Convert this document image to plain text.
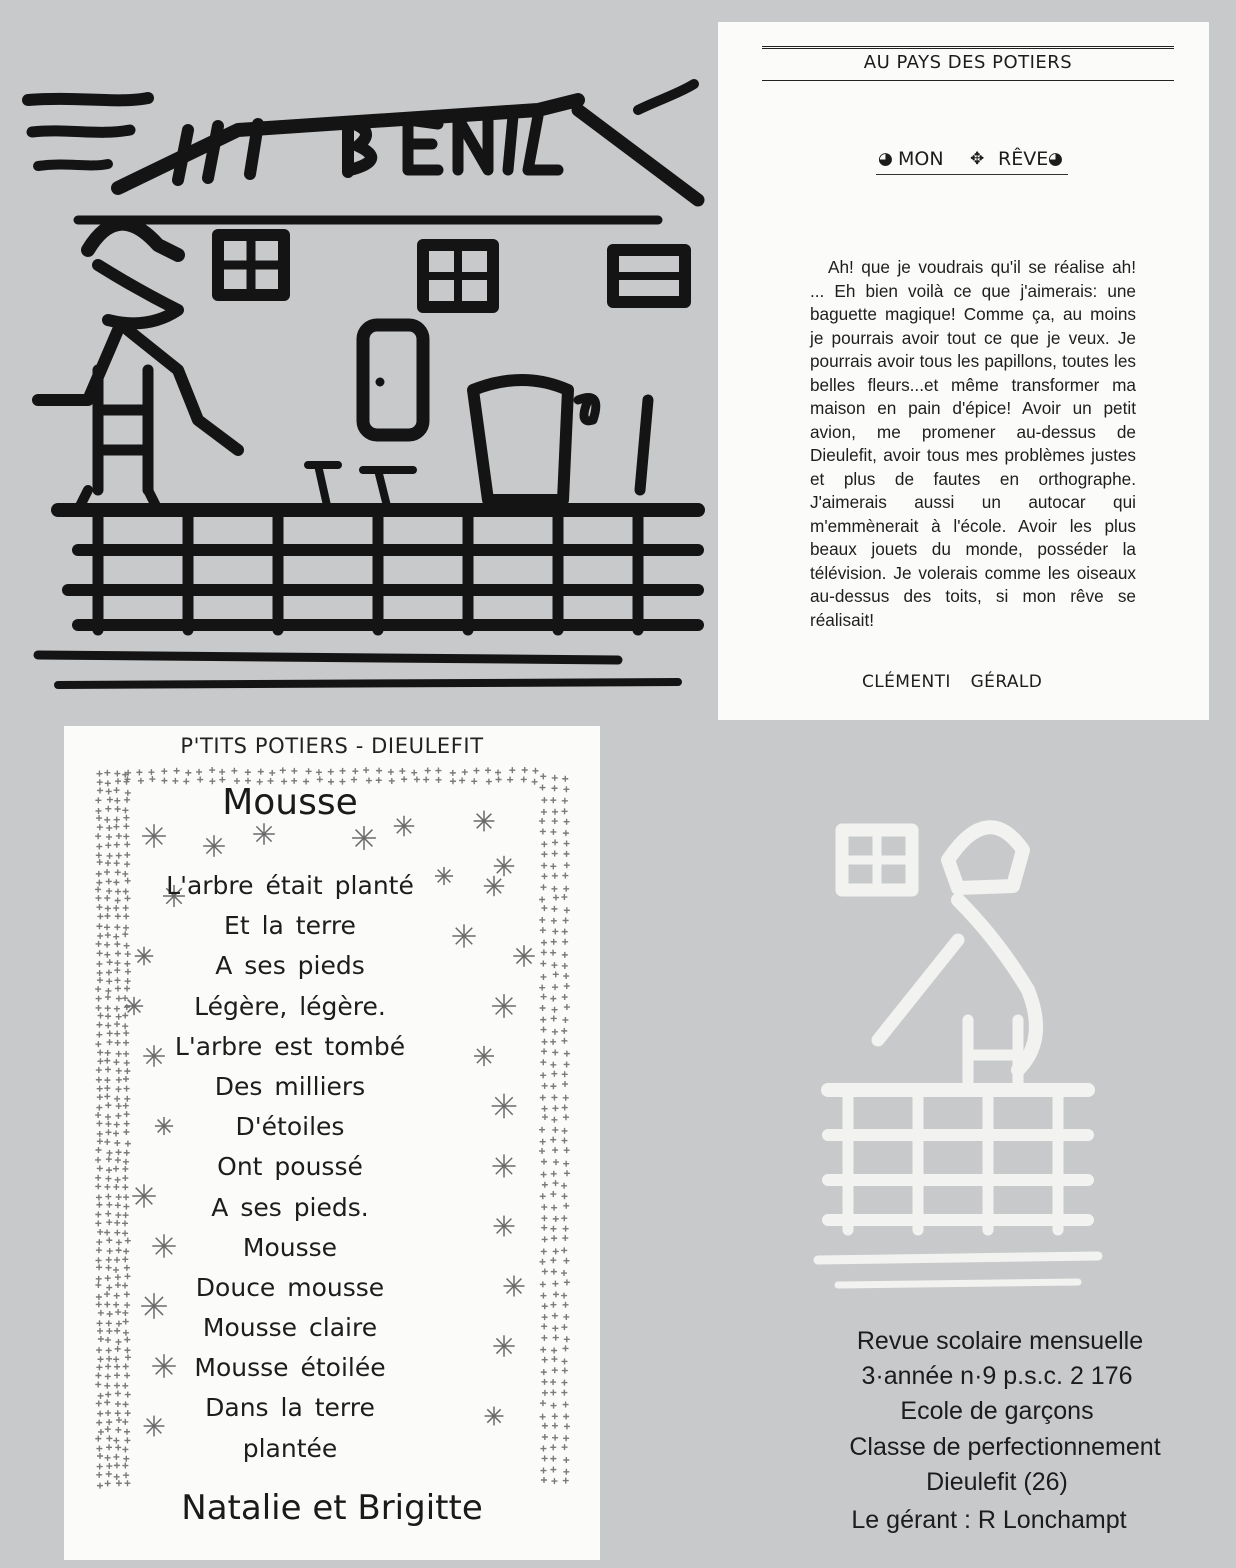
AU PAYS DES POTIERS
◕ MON ✥ RÊVE ◕

Ah! que je voudrais qu'il se réalise ah! ... Eh bien voilà ce que j'aimerais: une baguette magique! Comme ça, au moins je pourrais avoir tout ce que je veux. Je pourrais avoir tous les papillons, toutes les belles fleurs...et même transformer ma maison en pain d'épice! Avoir un petit avion, me promener au-dessus de Dieulefit, avoir tous mes problèmes justes et plus de fautes en orthographe. J'aimerais aussi un autocar qui m'emmènerait à l'école. Avoir les plus beaux jouets du monde, posséder la télévision. Je volerais comme les oiseaux au-dessus des toits, si mon rêve se réalisait!

CLÉMENTI GÉRALD
P'TITS POTIERS - DIEULEFIT
Mousse
L'arbre était planté
Et la terre
A ses pieds
Légère, légère.
L'arbre est tombé
Des milliers
D'étoiles
Ont poussé
A ses pieds.
Mousse
Douce mousse
Mousse claire
Mousse étoilée
Dans la terre
plantée
Natalie et Brigitte
Revue scolaire mensuelle
3·année n·9 p.s.c. 2 176
Ecole de garçons
Classe de perfectionnement
Dieulefit (26)
Le gérant : R Lonchampt
